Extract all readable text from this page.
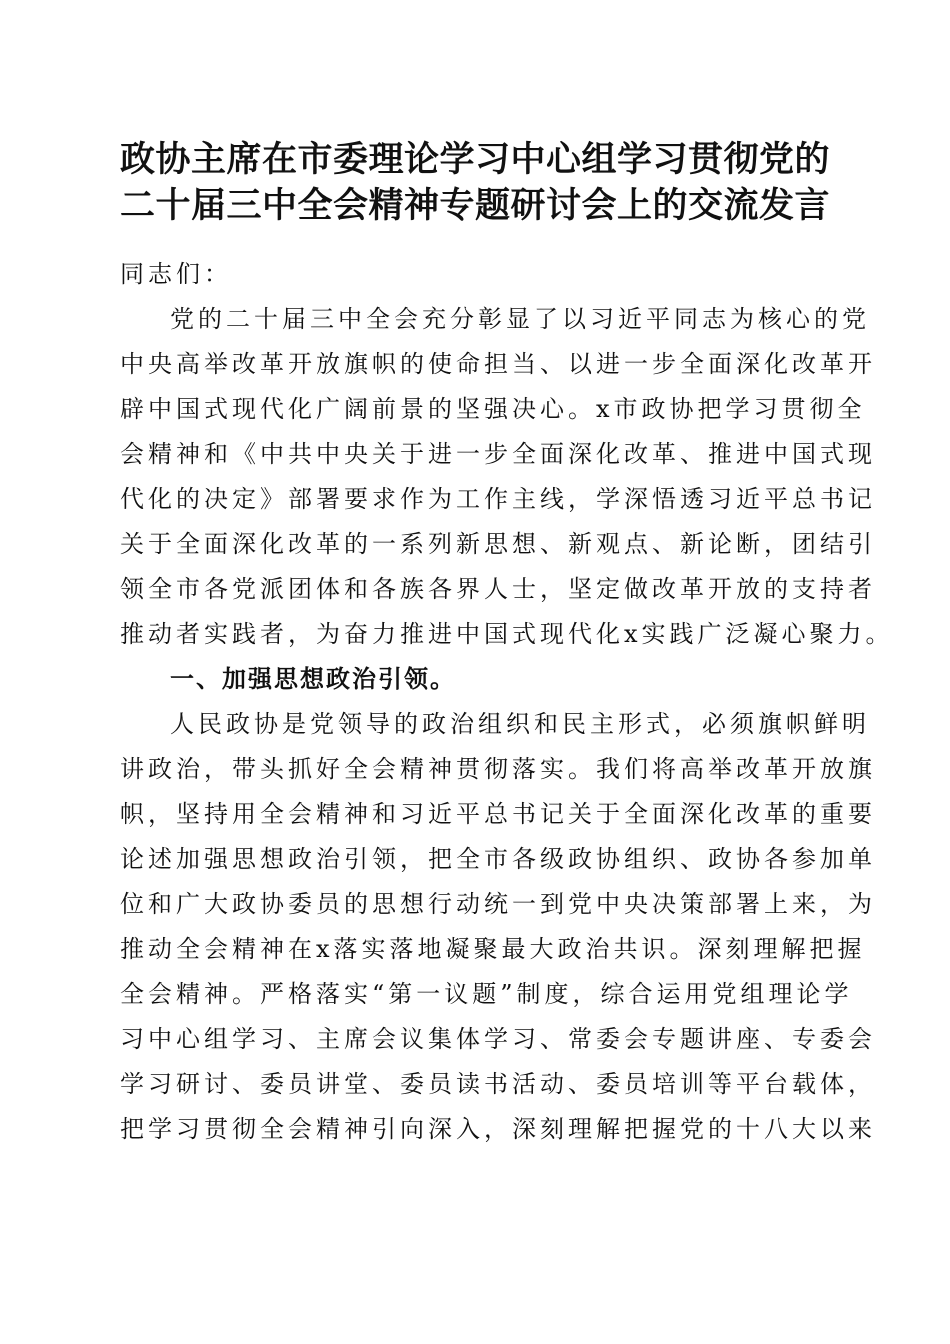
政协主席在市委理论学习中心组学习贯彻党的
二十届三中全会精神专题研讨会上的交流发言

同志们：

党的二十届三中全会充分彰显了以习近平同志为核心的党
中央高举改革开放旗帜的使命担当、以进一步全面深化改革开
辟中国式现代化广阔前景的坚强决心。x市政协把学习贯彻全
会精神和《中共中央关于进一步全面深化改革、推进中国式现
代化的决定》部署要求作为工作主线，学深悟透习近平总书记
关于全面深化改革的一系列新思想、新观点、新论断，团结引
领全市各党派团体和各族各界人士，坚定做改革开放的支持者
推动者实践者，为奋力推进中国式现代化x实践广泛凝心聚力。

一、加强思想政治引领。

人民政协是党领导的政治组织和民主形式，必须旗帜鲜明
讲政治，带头抓好全会精神贯彻落实。我们将高举改革开放旗
帜，坚持用全会精神和习近平总书记关于全面深化改革的重要
论述加强思想政治引领，把全市各级政协组织、政协各参加单
位和广大政协委员的思想行动统一到党中央决策部署上来，为
推动全会精神在x落实落地凝聚最大政治共识。深刻理解把握
全会精神。严格落实“第一议题”制度，综合运用党组理论学
习中心组学习、主席会议集体学习、常委会专题讲座、专委会
学习研讨、委员讲堂、委员读书活动、委员培训等平台载体，
把学习贯彻全会精神引向深入，深刻理解把握党的十八大以来
